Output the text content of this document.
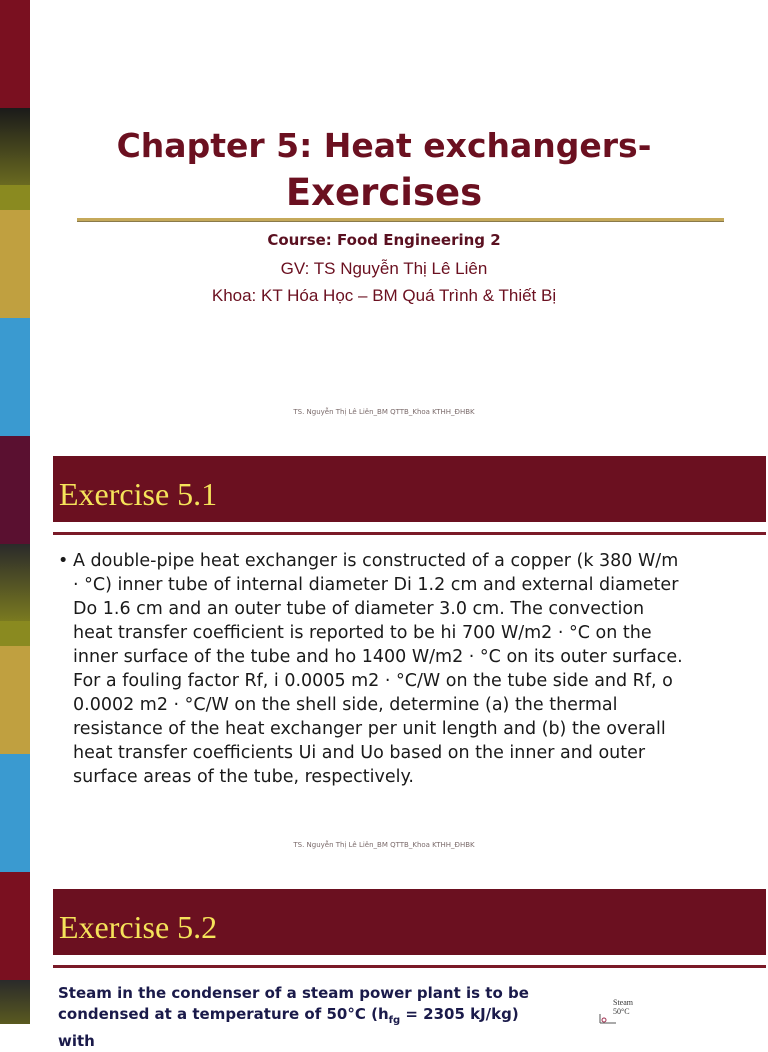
Chapter 5: Heat exchangers-
Exercises
Course: Food Engineering 2
GV: TS Nguyễn Thị Lê Liên
Khoa: KT Hóa Học – BM Quá Trình & Thiết Bị
TS. Nguyễn Thị Lê Liên_BM QTTB_Khoa KTHH_ĐHBK
Exercise 5.1
• A double-pipe heat exchanger is constructed of a copper (k 380 W/m
· °C) inner tube of internal diameter Di 1.2 cm and external diameter
Do 1.6 cm and an outer tube of diameter 3.0 cm. The convection
heat transfer coefficient is reported to be hi 700 W/m2 · °C on the
inner surface of the tube and ho 1400 W/m2 · °C on its outer surface.
For a fouling factor Rf, i 0.0005 m2 · °C/W on the tube side and Rf, o
0.0002 m2 · °C/W on the shell side, determine (a) the thermal
resistance of the heat exchanger per unit length and (b) the overall
heat transfer coefficients Ui and Uo based on the inner and outer
surface areas of the tube, respectively.
TS. Nguyễn Thị Lê Liên_BM QTTB_Khoa KTHH_ĐHBK
Exercise 5.2
Steam in the condenser of a steam power plant is to be
condensed at a temperature of 50°C ($h_{fg} = 2305$ kJ/kg) with
Steam
50°C
